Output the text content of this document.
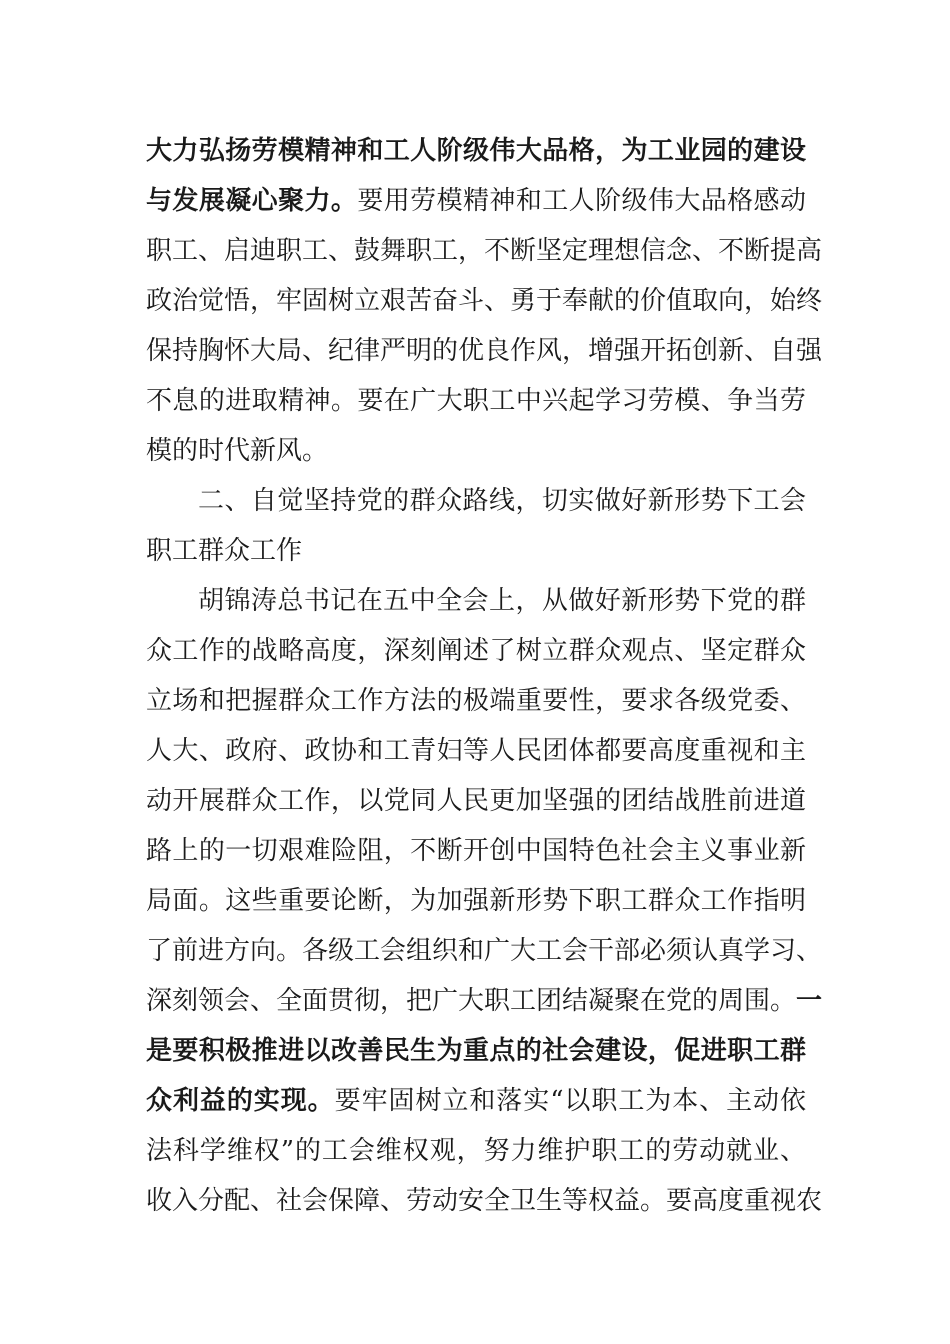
大力弘扬劳模精神和工人阶级伟大品格，为工业园的建设
与发展凝心聚力。要用劳模精神和工人阶级伟大品格感动
职工、启迪职工、鼓舞职工，不断坚定理想信念、不断提高
政治觉悟，牢固树立艰苦奋斗、勇于奉献的价值取向，始终
保持胸怀大局、纪律严明的优良作风，增强开拓创新、自强
不息的进取精神。要在广大职工中兴起学习劳模、争当劳
模的时代新风。
二、自觉坚持党的群众路线，切实做好新形势下工会
职工群众工作
胡锦涛总书记在五中全会上，从做好新形势下党的群
众工作的战略高度，深刻阐述了树立群众观点、坚定群众
立场和把握群众工作方法的极端重要性，要求各级党委、
人大、政府、政协和工青妇等人民团体都要高度重视和主
动开展群众工作，以党同人民更加坚强的团结战胜前进道
路上的一切艰难险阻，不断开创中国特色社会主义事业新
局面。这些重要论断，为加强新形势下职工群众工作指明
了前进方向。各级工会组织和广大工会干部必须认真学习、
深刻领会、全面贯彻，把广大职工团结凝聚在党的周围。一
是要积极推进以改善民生为重点的社会建设，促进职工群
众利益的实现。要牢固树立和落实“以职工为本、主动依
法科学维权”的工会维权观，努力维护职工的劳动就业、
收入分配、社会保障、劳动安全卫生等权益。要高度重视农
